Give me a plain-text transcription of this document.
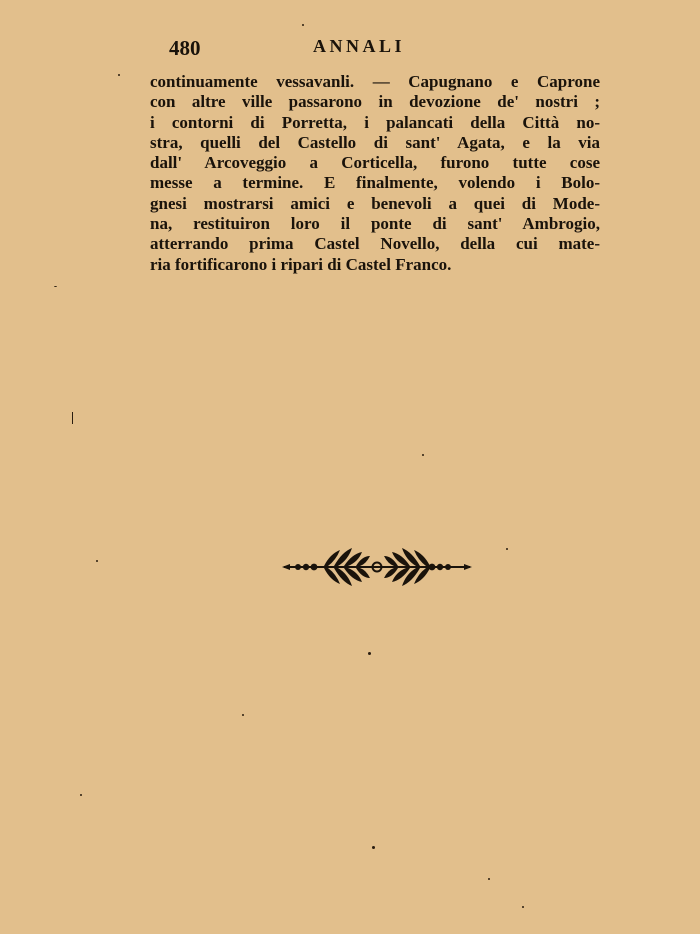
480	ANNALI
continuamente vessavanli. — Capugnano e Caprone
con altre ville passarono in devozione de' nostri ;
i contorni di Porretta, i palancati della Città no-
stra, quelli del Castello di sant' Agata, e la via
dall' Arcoveggio a Corticella, furono tutte cose
messe a termine. E finalmente, volendo i Bolo-
gnesi mostrarsi amici e benevoli a quei di Mode-
na, restituiron loro il ponte di sant' Ambrogio,
atterrando prima Castel Novello, della cui mate-
ria fortificarono i ripari di Castel Franco.
